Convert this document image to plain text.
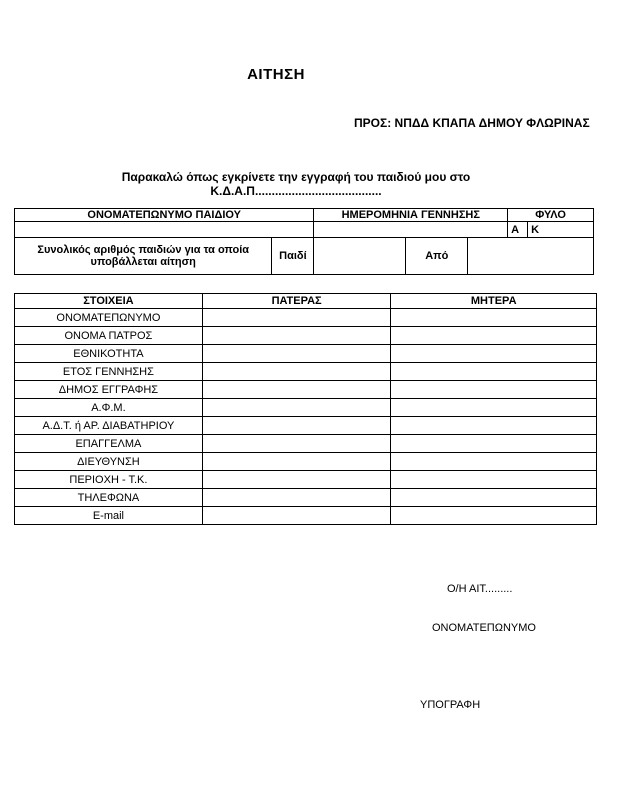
ΑΙΤΗΣΗ
ΠΡΟΣ: ΝΠΔΔ ΚΠΑΠΑ ΔΗΜΟΥ ΦΛΩΡΙΝΑΣ
Παρακαλώ όπως εγκρίνετε την εγγραφή του παιδιού μου στο
Κ.Δ.Α.Π......................................
ΟΝΟΜΑΤΕΠΩΝΥΜΟ ΠΑΙΔΙΟΥ		ΗΜΕΡΟΜΗΝΙΑ ΓΕΝΝΗΣΗΣ			ΦΥΛΟ	
					Α	Κ
Συνολικός αριθμός παιδιών για τα οποία υποβάλλεται αίτηση	Παιδί		Από			
ΣΤΟΙΧΕΙΑ	ΠΑΤΕΡΑΣ	ΜΗΤΕΡΑ
ΟΝΟΜΑΤΕΠΩΝΥΜΟ		
ΟΝΟΜΑ ΠΑΤΡΟΣ		
ΕΘΝΙΚΟΤΗΤΑ		
ΕΤΟΣ ΓΕΝΝΗΣΗΣ		
ΔΗΜΟΣ ΕΓΓΡΑΦΗΣ		
Α.Φ.Μ.		
Α.Δ.Τ. ή ΑΡ. ΔΙΑΒΑΤΗΡΙΟΥ		
ΕΠΑΓΓΕΛΜΑ		
ΔΙΕΥΘΥΝΣΗ		
ΠΕΡΙΟΧΗ - Τ.Κ.		
ΤΗΛΕΦΩΝΑ		
E-mail		
Ο/Η ΑΙΤ.........
ΟΝΟΜΑΤΕΠΩΝΥΜΟ
ΥΠΟΓΡΑΦΗ
